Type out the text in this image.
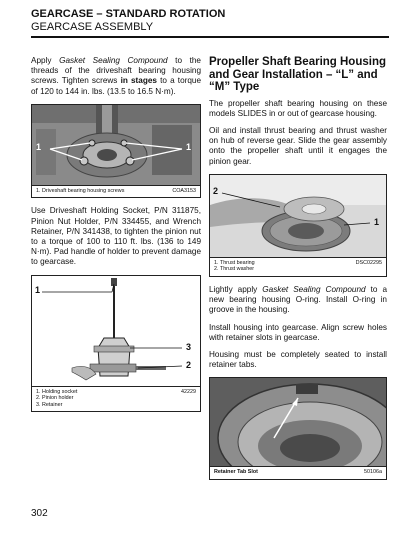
GEARCASE – STANDARD ROTATION
GEARCASE ASSEMBLY

Apply Gasket Sealing Compound to the threads of the driveshaft bearing housing screws. Tighten screws in stages to a torque of 120 to 144 in. lbs. (13.5 to 16.5 N·m).

1	1
1. Driveshaft bearing housing screws	COA3153

Use Driveshaft Holding Socket, P/N 311875, Pinion Nut Holder, P/N 334455, and Wrench Retainer, P/N 341438, to tighten the pinion nut to a torque of 100 to 110 ft. lbs. (136 to 149 N·m). Pad handle of holder to prevent damage to gearcase.

1
3
2
1. Holding socket
2. Pinion holder
3. Retainer
42229
Propeller Shaft Bearing Housing and Gear Installation – “L” and “M” Type

The propeller shaft bearing housing on these models SLIDES in or out of gearcase housing.

Oil and install thrust bearing and thrust washer on hub of reverse gear. Slide the gear assembly onto the propeller shaft until it engages the pinion gear.

2
1
1. Thrust bearing
2. Thrust washer
DSC02295

Lightly apply Gasket Sealing Compound to a new bearing housing O-ring. Install O-ring in groove in the housing.

Install housing into gearcase. Align screw holes with retainer slots in gearcase.

Housing must be completely seated to install retainer tabs.

Retainer Tab Slot	50106a
302
